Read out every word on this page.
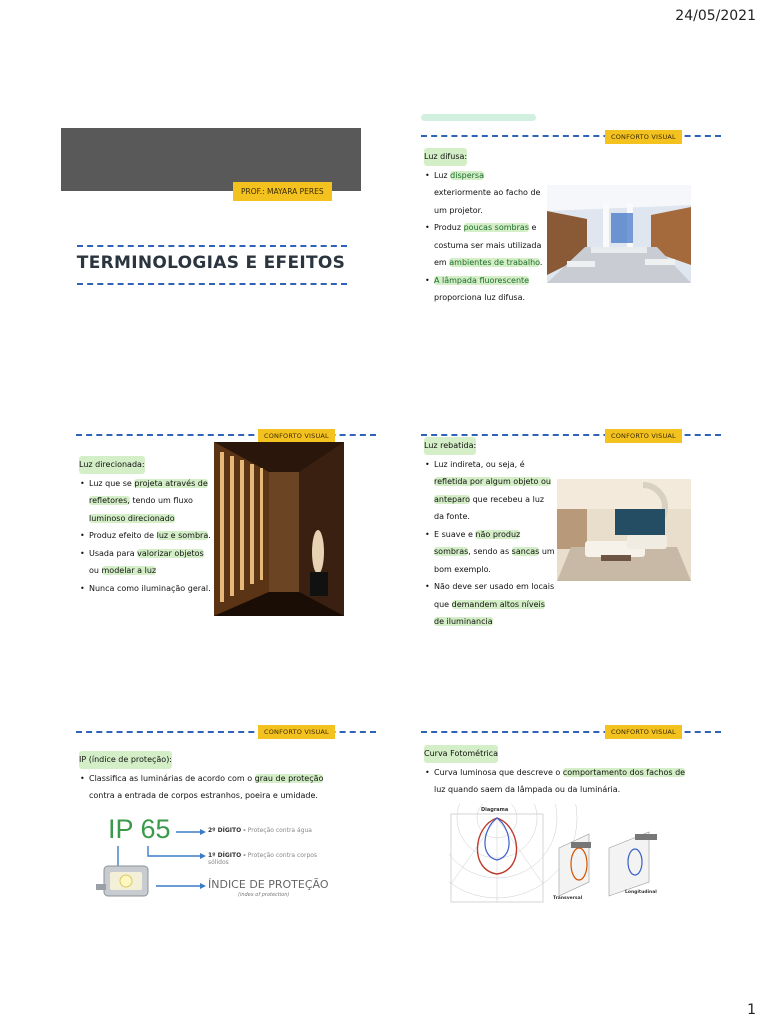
24/05/2021
PROF.: MAYARA PERES
TERMINOLOGIAS E EFEITOS
CONFORTO VISUAL
Luz difusa:
• Luz dispersa
exteriormente ao facho de
um projetor.
• Produz poucas sombras e
costuma ser mais utilizada
em ambientes de trabalho.
• A lâmpada fluorescente
proporciona luz difusa.
CONFORTO VISUAL
Luz direcionada:
• Luz que se projeta através de
refletores, tendo um fluxo
luminoso direcionado
• Produz efeito de luz e sombra.
• Usada para valorizar objetos
ou modelar a luz
• Nunca como iluminação geral.
CONFORTO VISUAL
Luz rebatida:
• Luz indireta, ou seja, é
refletida por algum objeto ou
anteparo que recebeu a luz
da fonte.
• E suave e não produz
sombras, sendo as sancas um
bom exemplo.
• Não deve ser usado em locais
que demandem altos níveis
de iluminancia
CONFORTO VISUAL
IP (índice de proteção):
• Classifica as luminárias de acordo com o grau de proteção
contra a entrada de corpos estranhos, poeira e umidade.
IP 65	2º DÍGITO - Proteção contra água
1º DÍGITO - Proteção contra corpos sólidos
ÍNDICE DE PROTEÇÃO
(index of protection)
CONFORTO VISUAL
Curva Fotométrica
• Curva luminosa que descreve o comportamento dos fachos de
luz quando saem da lâmpada ou da luminária.
Diagrama
Transversal
Longitudinal
1
